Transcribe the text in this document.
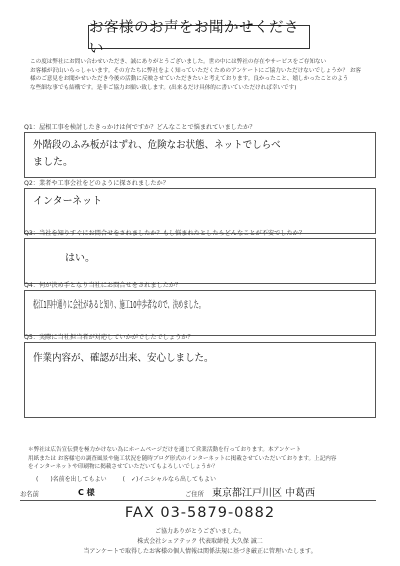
お客様のお声をお聞かせください

この度は弊社にお問い合わせいただき、誠にありがとうございました。世の中には弊社の存在やサービスをご存知ない

お客様が沢山いらっしゃいます。その方たちに弊社をよく知っていただくためのアンケートにご協力いただけないでしょうか？ お客

様のご意見をお聞かせいただき今後の活動に反映させていただきたいと考えております。良かったこと、嬉しかったことのよう

な些細な事でも結構です。是非ご協力お願い致します。(出来るだけ具体的に書いていただければ幸いです)

Q1：屋根工事を検討したきっかけは何ですか？どんなことで悩まれていましたか？
外階段のふみ板がはずれ、危険なお状態、ネットでしらべ
ました。
Q2：業者や工事会社をどのように探されましたか？
インターネット
Q3：当社を知りすぐにお問合せをされましたか？もし悩まれたとしたらどんなことが不安でしたか？
はい。
Q4：何が決め手となり当社にお問合せをされましたか？
松江1四中通りに会社があると知り、施工10中歩者なので、決めました。
Q5：実際に当社担当者が対応していかがでしたでしょうか？
作業内容が、確認が出来、安心しました。

＊弊社は広告宣伝費を極力かけない為にホームページだけを通じて営業活動を行っております。本アンケート

用紙または お客様宅の調査風景や施工状況を随時ブログ形式のインターネットに掲載させていただいております。上記内容

をインターネットや印刷物に掲載させていただいてもよろしいでしょうか？

(　　)名前を出してもよい	(　✓)イニシャルなら出してもよい
お名前	C 様	ご住所 東京都江戸川区 中葛西
FAX 03-5879-0882
ご協力ありがとうございました。
株式会社シェアテック 代表取締役 大久保 誠二
当アンケートで取得したお客様の個人情報は関係法規に基づき厳正に管理いたします。
